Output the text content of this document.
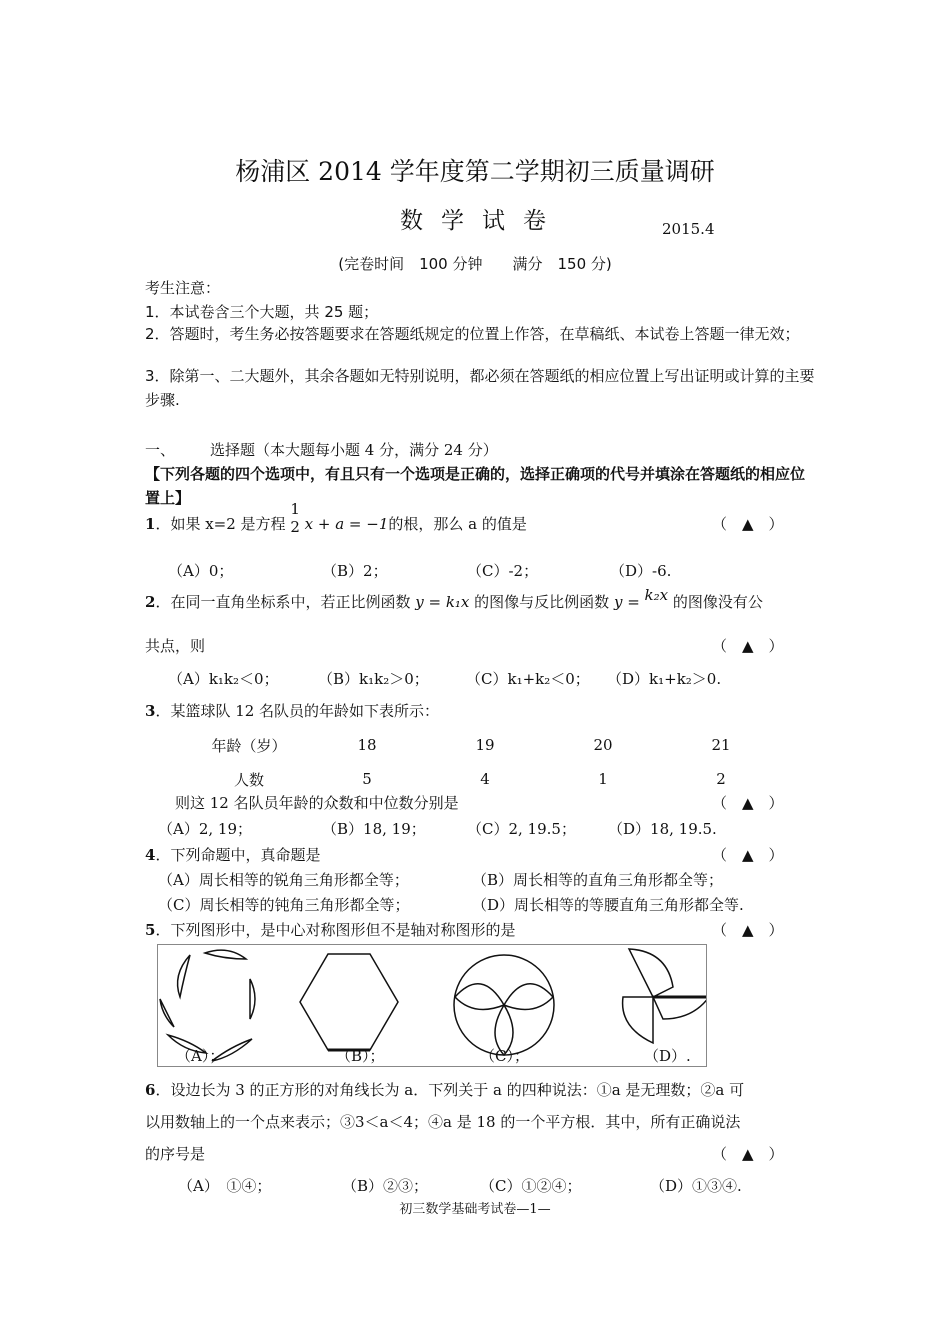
杨浦区 2014 学年度第二学期初三质量调研
数学试卷	2015.4
(完卷时间　100 分钟　　满分　150 分)
考生注意：
1．本试卷含三个大题，共 25 题；
2．答题时，考生务必按答题要求在答题纸规定的位置上作答，在草稿纸、本试卷上答题一律无效；
3．除第一、二大题外，其余各题如无特别说明，都必须在答题纸的相应位置上写出证明或计算的主要步骤.
一、 选择题（本大题每小题 4 分，满分 24 分）
【下列各题的四个选项中，有且只有一个选项是正确的，选择正确项的代号并填涂在答题纸的相应位置上】
1．如果 x=2 是方程
1
2 x + a = −1的根，那么 a 的值是	（　▲　）
（A）0；	（B）2；	（C）-2；	（D）-6.
2．在同一直角坐标系中，若正比例函数 y = k₁x 的图像与反比例函数 y = k₂x 的图像没有公
共点，则	（　▲　）
（A）k₁k₂＜0；	（B）k₁k₂＞0； （C）k₁+k₂＜0； （D）k₁+k₂＞0.
3．某篮球队 12 名队员的年龄如下表所示：
年龄（岁）	18	19	20	21
人数	5	4	1	2
则这 12 名队员年龄的众数和中位数分别是	（　▲　）
（A）2, 19；	（B）18, 19；	（C）2, 19.5； （D）18, 19.5.
4．下列命题中，真命题是	（　▲　）
（A）周长相等的锐角三角形都全等；	（B）周长相等的直角三角形都全等；
（C）周长相等的钝角三角形都全等；	（D）周长相等的等腰直角三角形都全等.
5．下列图形中，是中心对称图形但不是轴对称图形的是	（　▲　）
（A）；	（B）；	（C）；	（D）.
6．设边长为 3 的正方形的对角线长为 a．下列关于 a 的四种说法：①a 是无理数；②a 可
以用数轴上的一个点来表示；③3＜a＜4；④a 是 18 的一个平方根．其中，所有正确说法
的序号是	（　▲　）
（A）　①④；	（B）②③；	（C）①②④；	（D）①③④.
初三数学基础考试卷—1—
